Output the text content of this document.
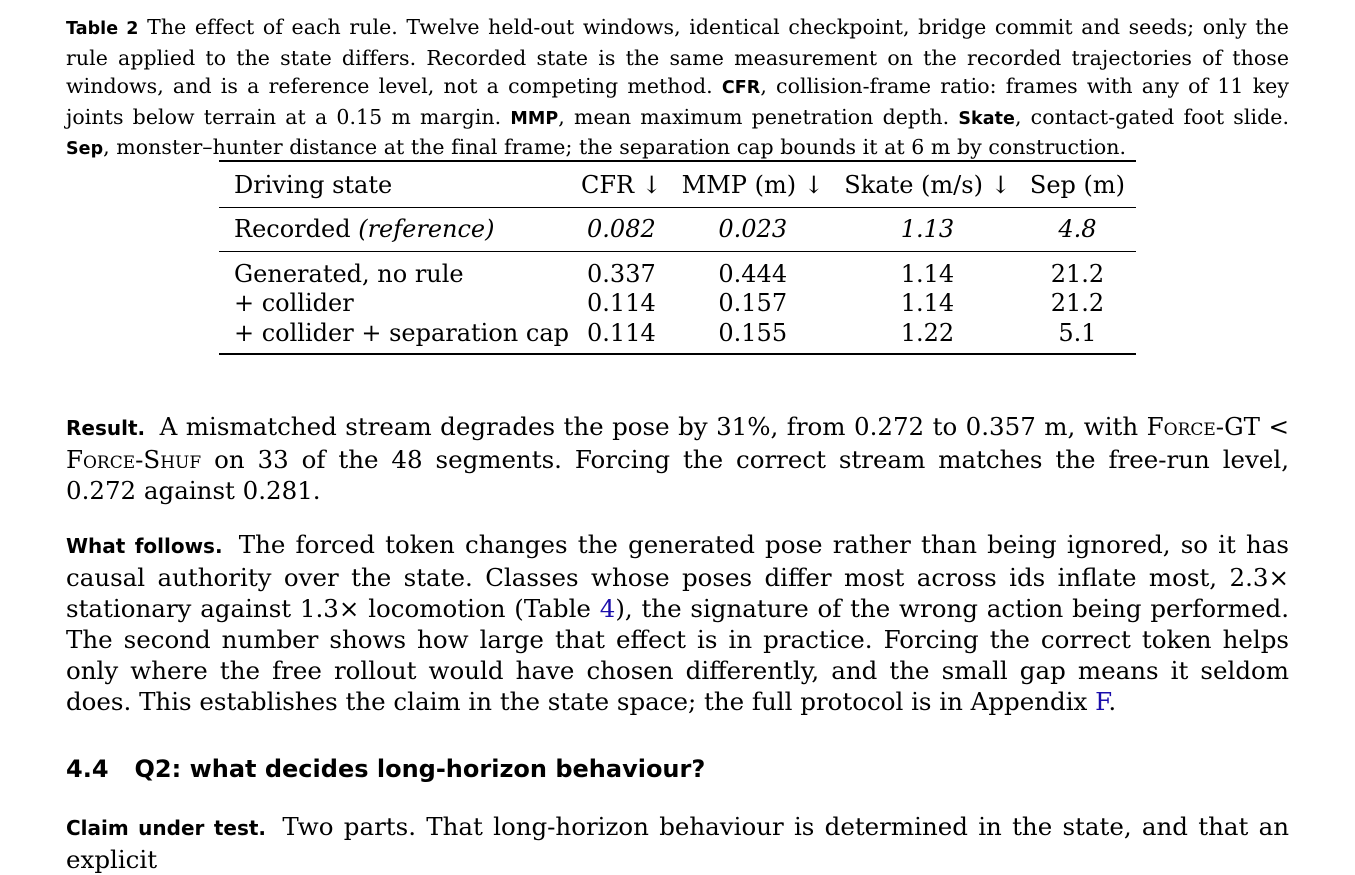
Table 2 The effect of each rule. Twelve held-out windows, identical checkpoint, bridge commit and seeds; only the rule applied to the state differs. Recorded state is the same measurement on the recorded trajectories of those windows, and is a reference level, not a competing method. CFR, collision-frame ratio: frames with any of 11 key joints below terrain at a 0.15 m margin. MMP, mean maximum penetration depth. Skate, contact-gated foot slide. Sep, monster–hunter distance at the final frame; the separation cap bounds it at 6 m by construction.
Driving state	CFR ↓	MMP (m) ↓	Skate (m/s) ↓	Sep (m)
Recorded (reference)	0.082	0.023	1.13	4.8
Generated, no rule	0.337	0.444	1.14	21.2
+ collider	0.114	0.157	1.14	21.2
+ collider + separation cap	0.114	0.155	1.22	5.1
Result. A mismatched stream degrades the pose by 31%, from 0.272 to 0.357 m, with Force-GT < Force-Shuf on 33 of the 48 segments. Forcing the correct stream matches the free-run level, 0.272 against 0.281.
What follows. The forced token changes the generated pose rather than being ignored, so it has causal authority over the state. Classes whose poses differ most across ids inflate most, 2.3× stationary against 1.3× locomotion (Table 4), the signature of the wrong action being performed. The second number shows how large that effect is in practice. Forcing the correct token helps only where the free rollout would have chosen differently, and the small gap means it seldom does. This establishes the claim in the state space; the full protocol is in Appendix F.
4.4 Q2: what decides long-horizon behaviour?
Claim under test. Two parts. That long-horizon behaviour is determined in the state, and that an explicit
